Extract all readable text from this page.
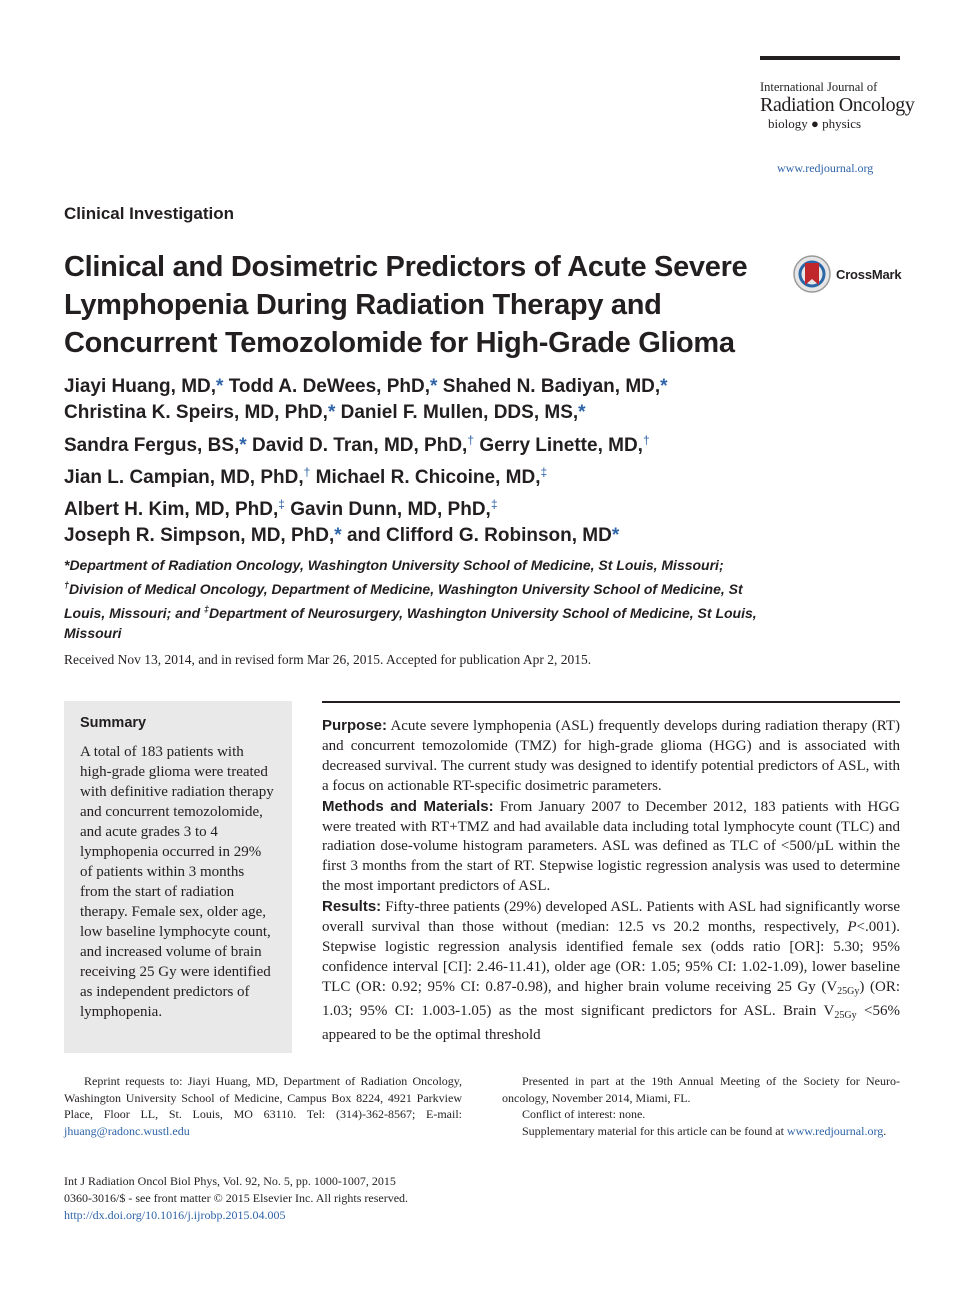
International Journal of
Radiation Oncology
biology ● physics
www.redjournal.org
Clinical Investigation
Clinical and Dosimetric Predictors of Acute Severe Lymphopenia During Radiation Therapy and Concurrent Temozolomide for High-Grade Glioma
CrossMark
Jiayi Huang, MD,* Todd A. DeWees, PhD,* Shahed N. Badiyan, MD,*
Christina K. Speirs, MD, PhD,* Daniel F. Mullen, DDS, MS,*
Sandra Fergus, BS,* David D. Tran, MD, PhD,† Gerry Linette, MD,†
Jian L. Campian, MD, PhD,† Michael R. Chicoine, MD,‡
Albert H. Kim, MD, PhD,‡ Gavin Dunn, MD, PhD,‡
Joseph R. Simpson, MD, PhD,* and Clifford G. Robinson, MD*
*Department of Radiation Oncology, Washington University School of Medicine, St Louis, Missouri;
†Division of Medical Oncology, Department of Medicine, Washington University School of Medicine, St Louis, Missouri; and ‡Department of Neurosurgery, Washington University School of Medicine, St Louis, Missouri
Received Nov 13, 2014, and in revised form Mar 26, 2015. Accepted for publication Apr 2, 2015.
Summary
A total of 183 patients with high-grade glioma were treated with definitive radiation therapy and concurrent temozolomide, and acute grades 3 to 4 lymphopenia occurred in 29% of patients within 3 months from the start of radiation therapy. Female sex, older age, low baseline lymphocyte count, and increased volume of brain receiving 25 Gy were identified as independent predictors of lymphopenia.
Purpose: Acute severe lymphopenia (ASL) frequently develops during radiation therapy (RT) and concurrent temozolomide (TMZ) for high-grade glioma (HGG) and is associated with decreased survival. The current study was designed to identify potential predictors of ASL, with a focus on actionable RT-specific dosimetric parameters.
Methods and Materials: From January 2007 to December 2012, 183 patients with HGG were treated with RT+TMZ and had available data including total lymphocyte count (TLC) and radiation dose-volume histogram parameters. ASL was defined as TLC of <500/µL within the first 3 months from the start of RT. Stepwise logistic regression analysis was used to determine the most important predictors of ASL.
Results: Fifty-three patients (29%) developed ASL. Patients with ASL had significantly worse overall survival than those without (median: 12.5 vs 20.2 months, respectively, P<.001). Stepwise logistic regression analysis identified female sex (odds ratio [OR]: 5.30; 95% confidence interval [CI]: 2.46-11.41), older age (OR: 1.05; 95% CI: 1.02-1.09), lower baseline TLC (OR: 0.92; 95% CI: 0.87-0.98), and higher brain volume receiving 25 Gy $(V_{25Gy})$ (OR: 1.03; 95% CI: 1.003-1.05) as the most significant predictors for ASL. Brain $V_{25Gy} <56\%$ appeared to be the optimal threshold
Reprint requests to: Jiayi Huang, MD, Department of Radiation Oncology, Washington University School of Medicine, Campus Box 8224, 4921 Parkview Place, Floor LL, St. Louis, MO 63110. Tel: (314)-362-8567; E-mail: jhuang@radonc.wustl.edu
Presented in part at the 19th Annual Meeting of the Society for Neuro-oncology, November 2014, Miami, FL.
Conflict of interest: none.
Supplementary material for this article can be found at www.redjournal.org.
Int J Radiation Oncol Biol Phys, Vol. 92, No. 5, pp. 1000-1007, 2015
0360-3016/$ - see front matter © 2015 Elsevier Inc. All rights reserved.
http://dx.doi.org/10.1016/j.ijrobp.2015.04.005
